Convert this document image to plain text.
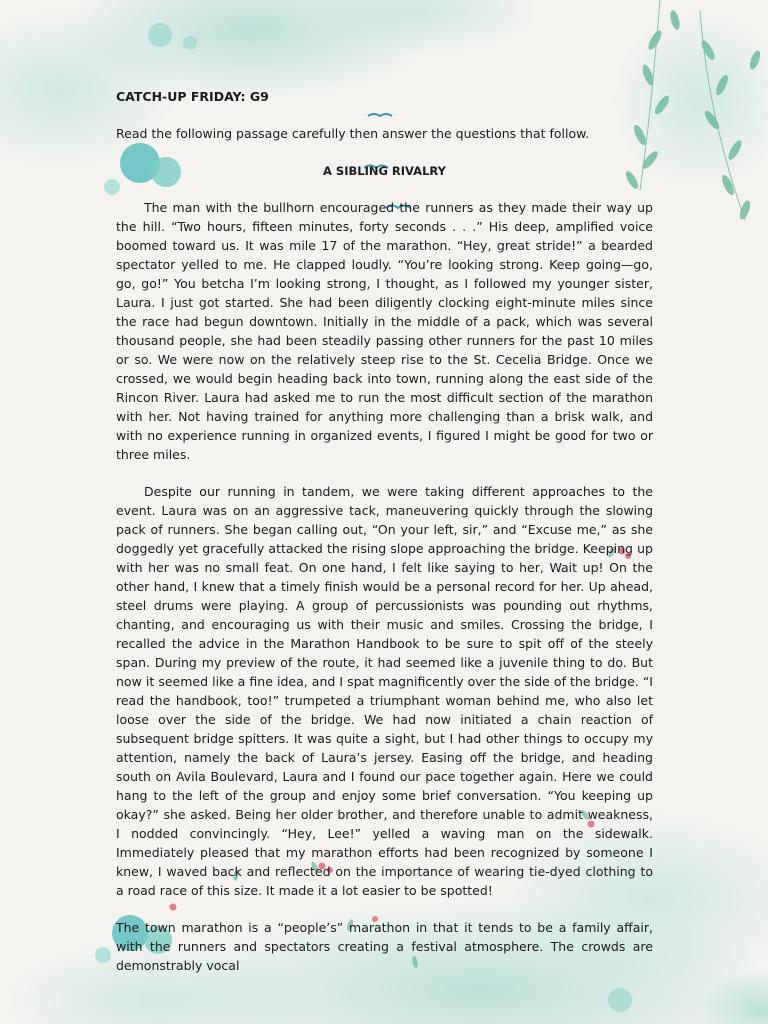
CATCH-UP FRIDAY: G9

Read the following passage carefully then answer the questions that follow.

A SIBLING RIVALRY

The man with the bullhorn encouraged the runners as they made their way up the hill. “Two hours, fifteen minutes, forty seconds . . .” His deep, amplified voice boomed toward us. It was mile 17 of the marathon. “Hey, great stride!” a bearded spectator yelled to me. He clapped loudly. “You’re looking strong. Keep going—go, go, go!” You betcha I’m looking strong, I thought, as I followed my younger sister, Laura. I just got started. She had been diligently clocking eight-minute miles since the race had begun downtown. Initially in the middle of a pack, which was several thousand people, she had been steadily passing other runners for the past 10 miles or so. We were now on the relatively steep rise to the St. Cecelia Bridge. Once we crossed, we would begin heading back into town, running along the east side of the Rincon River. Laura had asked me to run the most difficult section of the marathon with her. Not having trained for anything more challenging than a brisk walk, and with no experience running in organized events, I figured I might be good for two or three miles.

Despite our running in tandem, we were taking different approaches to the event. Laura was on an aggressive tack, maneuvering quickly through the slowing pack of runners. She began calling out, “On your left, sir,” and “Excuse me,” as she doggedly yet gracefully attacked the rising slope approaching the bridge. Keeping up with her was no small feat. On one hand, I felt like saying to her, Wait up! On the other hand, I knew that a timely finish would be a personal record for her. Up ahead, steel drums were playing. A group of percussionists was pounding out rhythms, chanting, and encouraging us with their music and smiles. Crossing the bridge, I recalled the advice in the Marathon Handbook to be sure to spit off of the steely span. During my preview of the route, it had seemed like a juvenile thing to do. But now it seemed like a fine idea, and I spat magnificently over the side of the bridge. “I read the handbook, too!” trumpeted a triumphant woman behind me, who also let loose over the side of the bridge. We had now initiated a chain reaction of subsequent bridge spitters. It was quite a sight, but I had other things to occupy my attention, namely the back of Laura’s jersey. Easing off the bridge, and heading south on Avila Boulevard, Laura and I found our pace together again. Here we could hang to the left of the group and enjoy some brief conversation. “You keeping up okay?” she asked. Being her older brother, and therefore unable to admit weakness, I nodded convincingly. “Hey, Lee!” yelled a waving man on the sidewalk. Immediately pleased that my marathon efforts had been recognized by someone I knew, I waved back and reflected on the importance of wearing tie-dyed clothing to a road race of this size. It made it a lot easier to be spotted!

The town marathon is a “people’s” marathon in that it tends to be a family affair, with the runners and spectators creating a festival atmosphere. The crowds are demonstrably vocal
